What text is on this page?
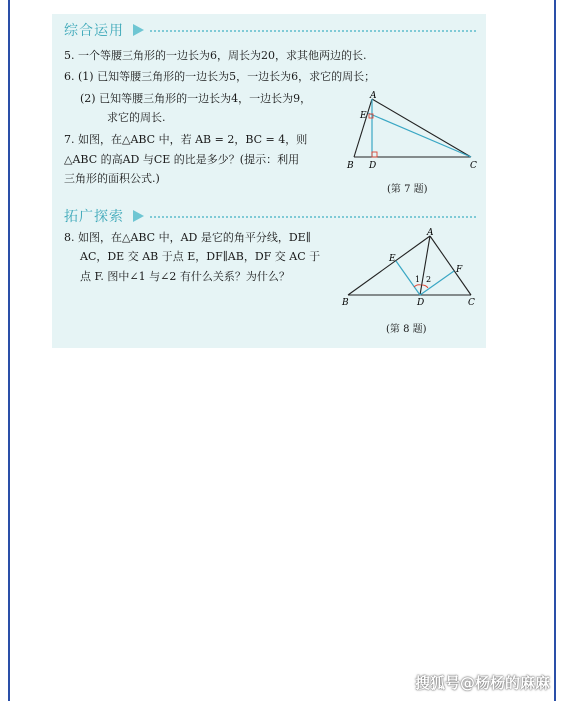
综合运用
5. 一个等腰三角形的一边长为6，周长为20，求其他两边的长.
6. (1) 已知等腰三角形的一边长为5，一边长为6，求它的周长；
(2) 已知等腰三角形的一边长为4，一边长为9，
求它的周长.
7. 如图，在△ABC 中，若 AB = 2，BC = 4，则
△ABC 的高AD 与CE 的比是多少？(提示：利用
三角形的面积公式.)
A
B	C
D
E
(第 7 题)
拓广探索
8. 如图，在△ABC 中，AD 是它的角平分线，DE∥
AC，DE 交 AB 于点 E，DF∥AB，DF 交 AC 于
点 F. 图中∠1 与∠2 有什么关系？为什么？
A
B	C
D
E
F
1 2
(第 8 题)
搜狐号@杨杨的麻麻
